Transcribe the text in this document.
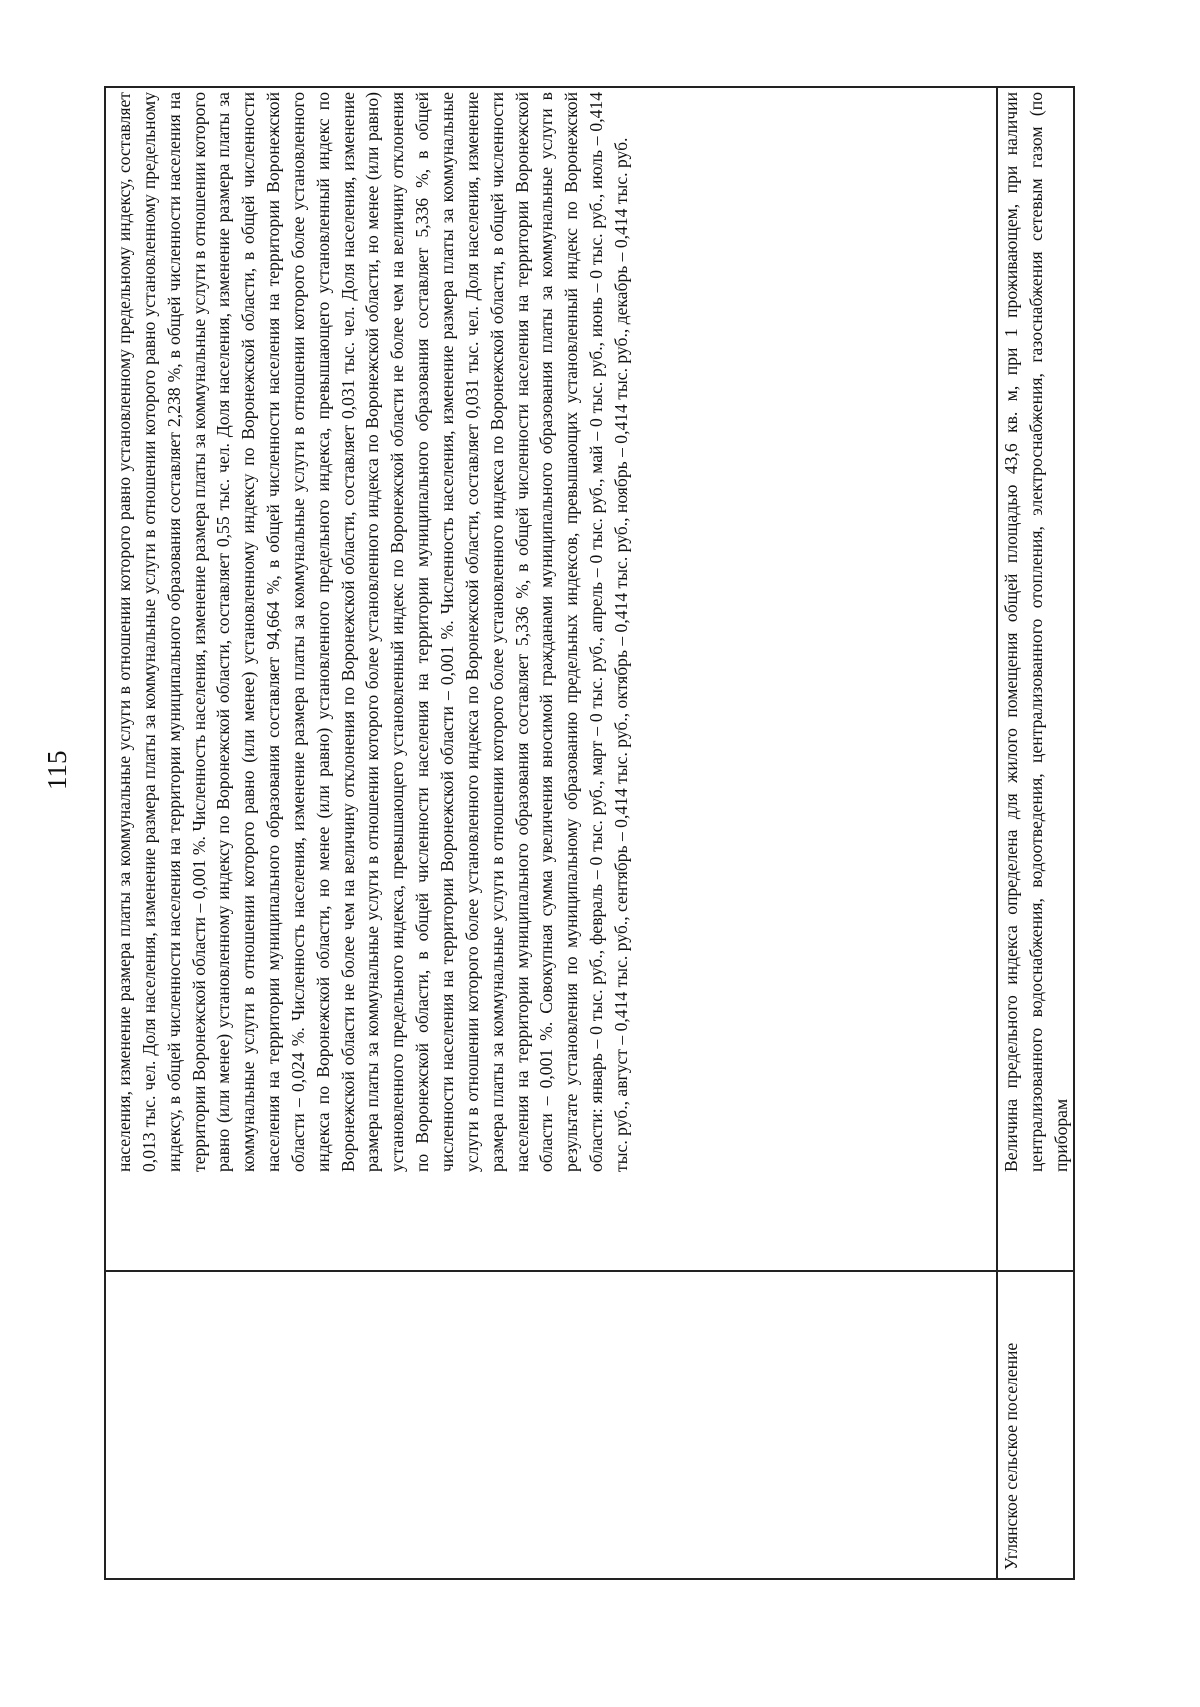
115 населения, изменение размера платы за коммунальные услуги в отношении которого равно установленному предельному индексу, составляет 0,013 тыс. чел. Доля населения, изменение размера платы за коммунальные услуги в отношении которого равно установленному предельному индексу, в общей численности населения на территории муниципального образования составляет 2,238 %, в общей численности населения на территории Воронежской области – 0,001 %. Численность населения, изменение размера платы за коммунальные услуги в отношении которого равно (или менее) установленному индексу по Воронежской области, составляет 0,55 тыс. чел. Доля населения, изменение размера платы за коммунальные услуги в отношении которого равно (или менее) установленному индексу по Воронежской области, в общей численности населения на территории муниципального образования составляет 94,664 %, в общей численности населения на территории Воронежской области – 0,024 %. Численность населения, изменение размера платы за коммунальные услуги в отношении которого более установленного индекса по Воронежской области, но менее (или равно) установленного предельного индекса, превышающего установленный индекс по Воронежской области не более чем на величину отклонения по Воронежской области, составляет 0,031 тыс. чел. Доля населения, изменение размера платы за коммунальные услуги в отношении которого более установленного индекса по Воронежской области, но менее (или равно) установленного предельного индекса, превышающего установленный индекс по Воронежской области не более чем на величину отклонения по Воронежской области, в общей численности населения на территории муниципального образования составляет 5,336 %, в общей численности населения на территории Воронежской области – 0,001 %. Численность населения, изменение размера платы за коммунальные услуги в отношении которого более установленного индекса по Воронежской области, составляет 0,031 тыс. чел. Доля населения, изменение размера платы за коммунальные услуги в отношении которого более установленного индекса по Воронежской области, в общей численности населения на территории муниципального образования составляет 5,336 %, в общей численности населения на территории Воронежской области – 0,001 %. Совокупная сумма увеличения вносимой гражданами муниципального образования платы за коммунальные услуги в результате установления по муниципальному образованию предельных индексов, превышающих установленный индекс по Воронежской области: январь – 0 тыс. руб., февраль – 0 тыс. руб., март – 0 тыс. руб., апрель – 0 тыс. руб., май – 0 тыс. руб., июнь – 0 тыс. руб., июль – 0,414 тыс. руб., август – 0,414 тыс. руб., сентябрь – 0,414 тыс. руб., октябрь – 0,414 тыс. руб., ноябрь – 0,414 тыс. руб., декабрь – 0,414 тыс. руб.
Углянское сельское поселение
Величина предельного индекса определена для жилого помещения общей площадью 43,6 кв. м, при 1 проживающем, при наличии централизованного водоснабжения, водоотведения, централизованного отопления, электроснабжения, газоснабжения сетевым газом (по приборам
